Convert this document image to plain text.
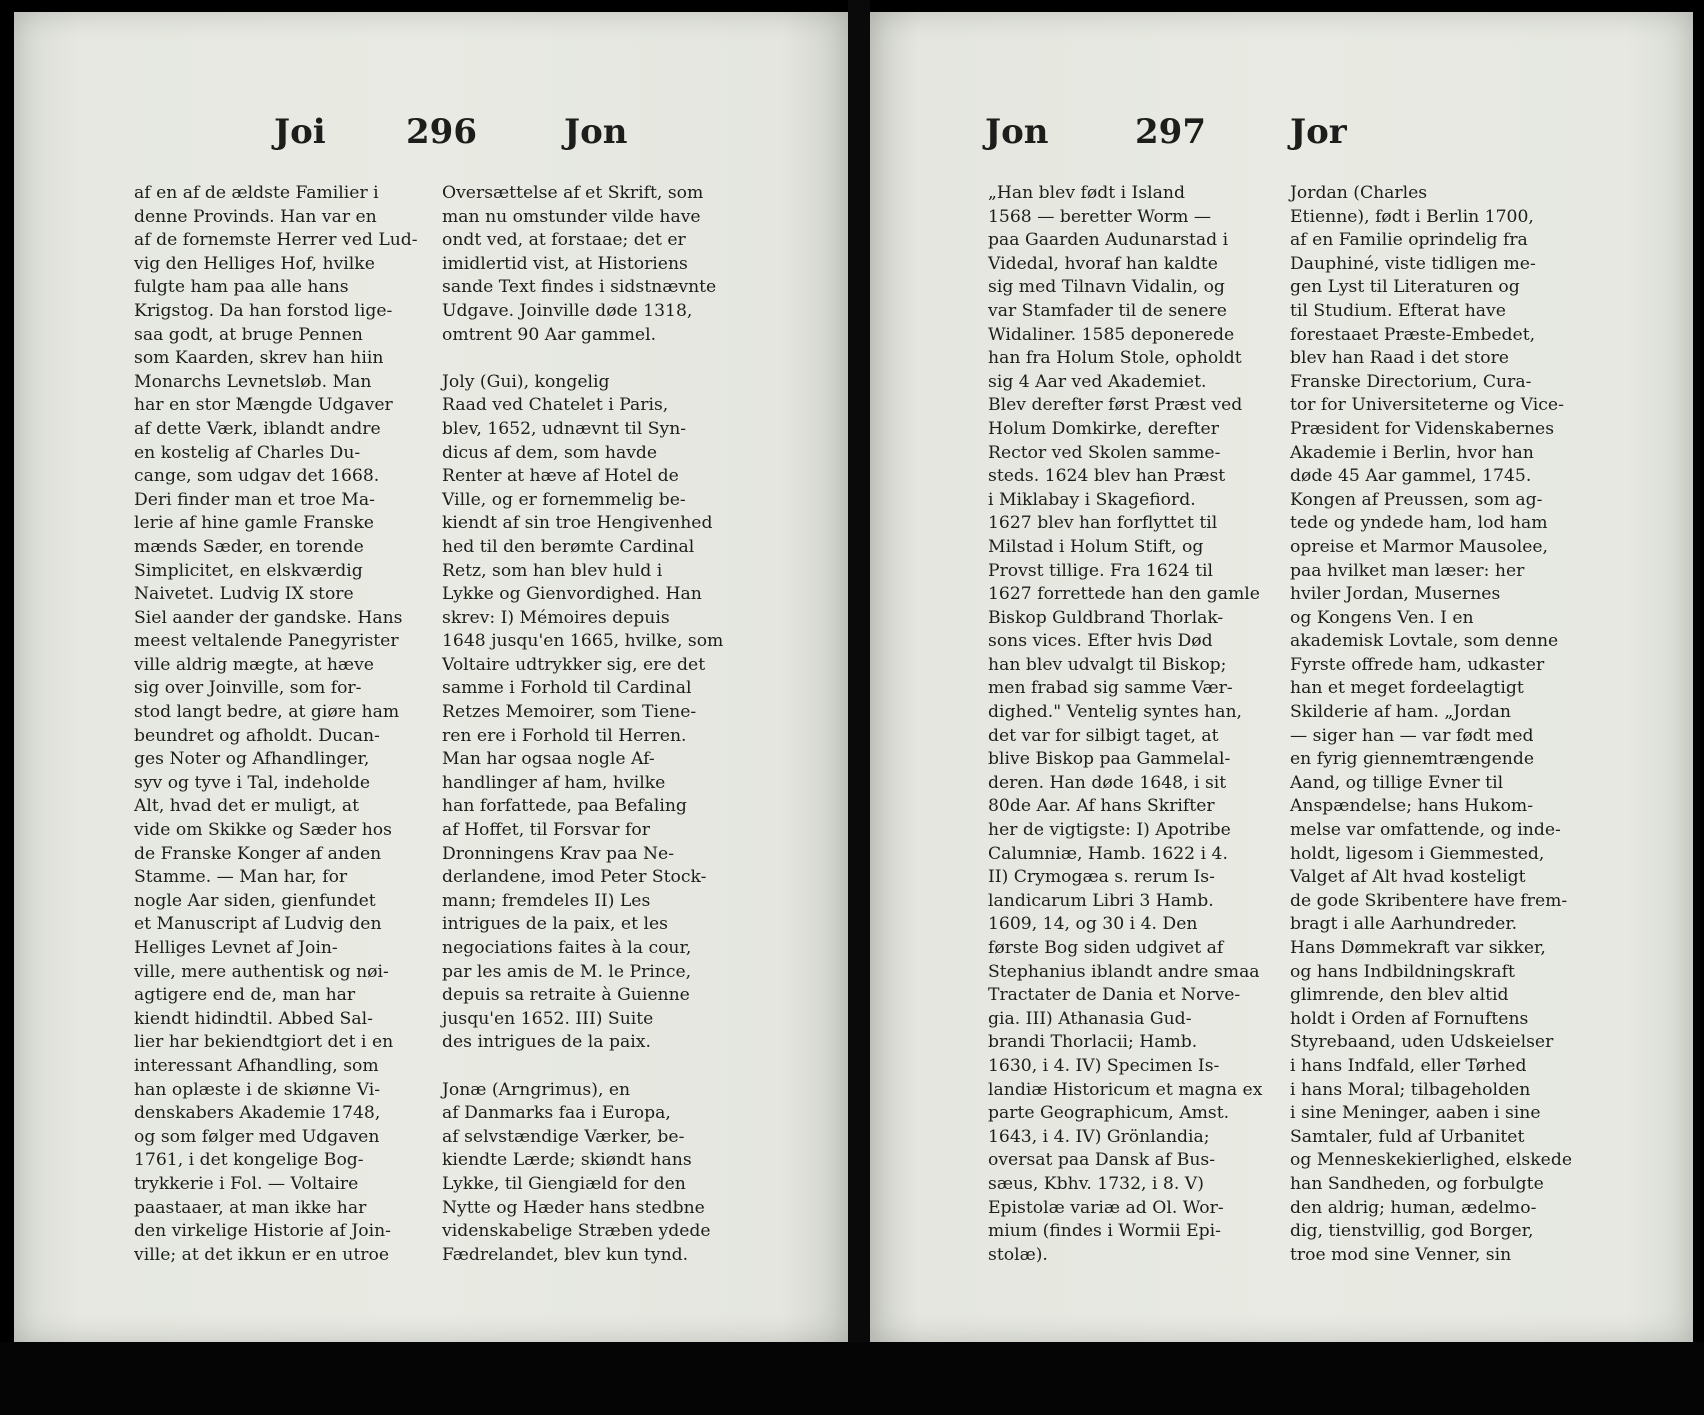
Joi 296	Jon
af en af de ældste Familier i
denne Provinds. Han var en
af de fornemste Herrer ved Lud-
vig den Helliges Hof, hvilke
fulgte ham paa alle hans
Krigstog. Da han forstod lige-
saa godt, at bruge Pennen
som Kaarden, skrev han hiin
Monarchs Levnetsløb. Man
har en stor Mængde Udgaver
af dette Værk, iblandt andre
en kostelig af Charles Du-
cange, som udgav det 1668.
Deri finder man et troe Ma-
lerie af hine gamle Franske
mænds Sæder, en torende
Simplicitet, en elskværdig
Naivetet. Ludvig IX store
Siel aander der gandske. Hans
meest veltalende Panegyrister
ville aldrig mægte, at hæve
sig over Joinville, som for-
stod langt bedre, at giøre ham
beundret og afholdt. Ducan-
ges Noter og Afhandlinger,
syv og tyve i Tal, indeholde
Alt, hvad det er muligt, at
vide om Skikke og Sæder hos
de Franske Konger af anden
Stamme. — Man har, for
nogle Aar siden, gienfundet
et Manuscript af Ludvig den
Helliges Levnet af Join-
ville, mere authentisk og nøi-
agtigere end de, man har
kiendt hidindtil. Abbed Sal-
lier har bekiendtgiort det i en
interessant Afhandling, som
han oplæste i de skiønne Vi-
denskabers Akademie 1748,
og som følger med Udgaven
1761, i det kongelige Bog-
trykkerie i Fol. — Voltaire
paastaaer, at man ikke har
den virkelige Historie af Join-
ville; at det ikkun er en utroe
Oversættelse af et Skrift, som
man nu omstunder vilde have
ondt ved, at forstaae; det er
imidlertid vist, at Historiens
sande Text findes i sidstnævnte
Udgave. Joinville døde 1318,
omtrent 90 Aar gammel.
Joly (Gui), kongelig
Raad ved Chatelet i Paris,
blev, 1652, udnævnt til Syn-
dicus af dem, som havde
Renter at hæve af Hotel de
Ville, og er fornemmelig be-
kiendt af sin troe Hengivenhed
hed til den berømte Cardinal
Retz, som han blev huld i
Lykke og Gienvordighed. Han
skrev: I) Mémoires depuis
1648 jusqu'en 1665, hvilke, som
Voltaire udtrykker sig, ere det
samme i Forhold til Cardinal
Retzes Memoirer, som Tiene-
ren ere i Forhold til Herren.
Man har ogsaa nogle Af-
handlinger af ham, hvilke
han forfattede, paa Befaling
af Hoffet, til Forsvar for
Dronningens Krav paa Ne-
derlandene, imod Peter Stock-
mann; fremdeles II) Les
intrigues de la paix, et les
negociations faites à la cour,
par les amis de M. le Prince,
depuis sa retraite à Guienne
jusqu'en 1652. III) Suite
des intrigues de la paix.
Jonæ (Arngrimus), en
af Danmarks faa i Europa,
af selvstændige Værker, be-
kiendte Lærde; skiøndt hans
Lykke, til Giengiæld for den
Nytte og Hæder hans stedbne
videnskabelige Stræben ydede
Fædrelandet, blev kun tynd.
Jon	297 Jor
„Han blev født i Island
1568 — beretter Worm —
paa Gaarden Audunarstad i
Videdal, hvoraf han kaldte
sig med Tilnavn Vidalin, og
var Stamfader til de senere
Widaliner. 1585 deponerede
han fra Holum Stole, opholdt
sig 4 Aar ved Akademiet.
Blev derefter først Præst ved
Holum Domkirke, derefter
Rector ved Skolen samme-
steds. 1624 blev han Præst
i Miklabay i Skagefiord.
1627 blev han forflyttet til
Milstad i Holum Stift, og
Provst tillige. Fra 1624 til
1627 forrettede han den gamle
Biskop Guldbrand Thorlak-
sons vices. Efter hvis Død
han blev udvalgt til Biskop;
men frabad sig samme Vær-
dighed." Ventelig syntes han,
det var for silbigt taget, at
blive Biskop paa Gammelal-
deren. Han døde 1648, i sit
80de Aar. Af hans Skrifter
her de vigtigste: I) Apotribe
Calumniæ, Hamb. 1622 i 4.
II) Crymogæa s. rerum Is-
landicarum Libri 3 Hamb.
1609, 14, og 30 i 4. Den
første Bog siden udgivet af
Stephanius iblandt andre smaa
Tractater de Dania et Norve-
gia. III) Athanasia Gud-
brandi Thorlacii; Hamb.
1630, i 4. IV) Specimen Is-
landiæ Historicum et magna ex
parte Geographicum, Amst.
1643, i 4. IV) Grönlandia;
oversat paa Dansk af Bus-
sæus, Kbhv. 1732, i 8. V)
Epistolæ variæ ad Ol. Wor-
mium (findes i Wormii Epi-
stolæ).
Jordan (Charles
Etienne), født i Berlin 1700,
af en Familie oprindelig fra
Dauphiné, viste tidligen me-
gen Lyst til Literaturen og
til Studium. Efterat have
forestaaet Præste-Embedet,
blev han Raad i det store
Franske Directorium, Cura-
tor for Universiteterne og Vice-
Præsident for Videnskabernes
Akademie i Berlin, hvor han
døde 45 Aar gammel, 1745.
Kongen af Preussen, som ag-
tede og yndede ham, lod ham
opreise et Marmor Mausolee,
paa hvilket man læser: her
hviler Jordan, Musernes
og Kongens Ven. I en
akademisk Lovtale, som denne
Fyrste offrede ham, udkaster
han et meget fordeelagtigt
Skilderie af ham. „Jordan
— siger han — var født med
en fyrig giennemtrængende
Aand, og tillige Evner til
Anspændelse; hans Hukom-
melse var omfattende, og inde-
holdt, ligesom i Giemmested,
Valget af Alt hvad kosteligt
de gode Skribentere have frem-
bragt i alle Aarhundreder.
Hans Dømmekraft var sikker,
og hans Indbildningskraft
glimrende, den blev altid
holdt i Orden af Fornuftens
Styrebaand, uden Udskeielser
i hans Indfald, eller Tørhed
i hans Moral; tilbageholden
i sine Meninger, aaben i sine
Samtaler, fuld af Urbanitet
og Menneskekierlighed, elskede
han Sandheden, og forbulgte
den aldrig; human, ædelmo-
dig, tienstvillig, god Borger,
troe mod sine Venner, sin
